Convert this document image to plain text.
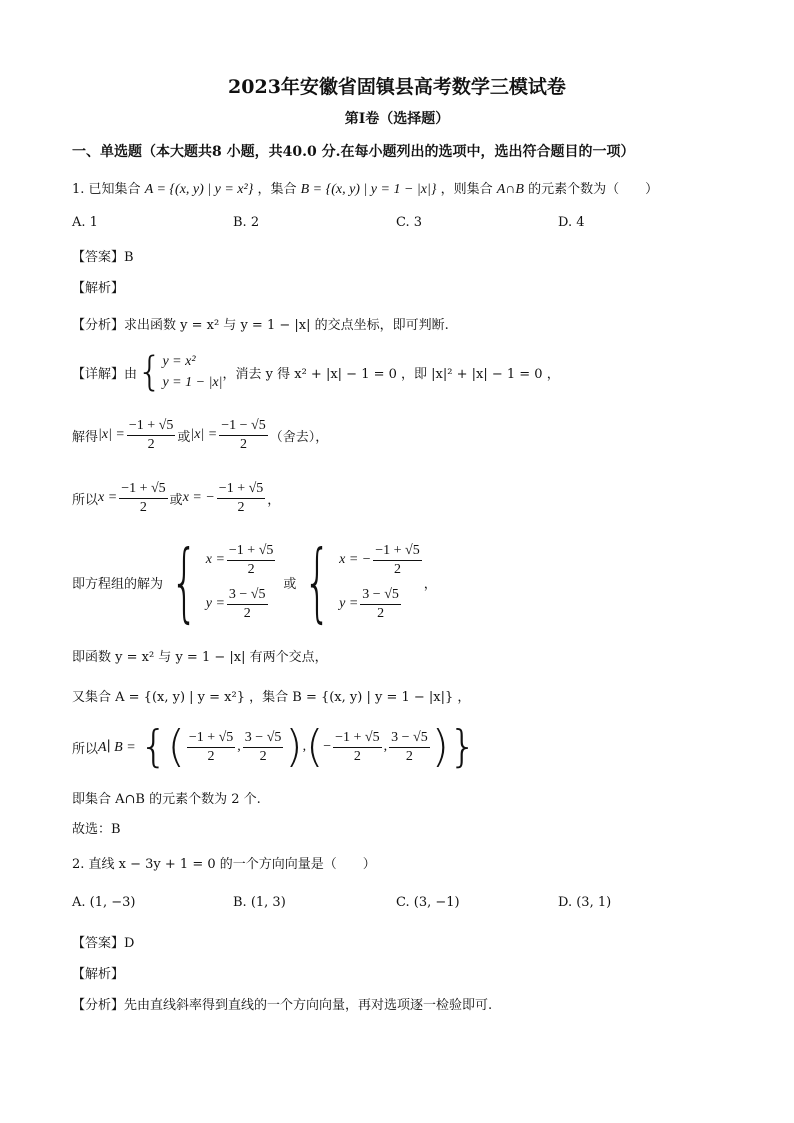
2023年安徽省固镇县高考数学三模试卷
第I卷（选择题）
一、单选题（本大题共8 小题，共40.0 分.在每小题列出的选项中，选出符合题目的一项）
1. 已知集合 A = {(x, y) | y = x²} ，集合 B = {(x, y) | y = 1 − |x|} ，则集合 A∩B 的元素个数为（　　）
A. 1	B. 2	C. 3	D. 4
【答案】B
【解析】
【分析】求出函数 y = x² 与 y = 1 − |x| 的交点坐标，即可判断.
【详解】由 { y = x²
y = 1 − |x|
，消去 y 得 x² + |x| − 1 = 0 ，即 |x|² + |x| − 1 = 0 ，
解得 $|x| = \frac{-1 + √5}{2}$ 或 $|x| = \frac{-1 - √5}{2}$ （舍去），
所以 $x = \frac{-1 + √5}{2}$ 或 x = − $\frac{-1 + √5}{2}$ ，
即方程组的解为 { $x = \frac{-1 + √5}{2}$
$y = \frac{3 - √5}{2}$
或 { x = − $\frac{-1 + √5}{2}$
$y = \frac{3 - √5}{2}$
，
即函数 y = x² 与 y = 1 − |x| 有两个交点，
又集合 A = {(x, y) | y = x²} ，集合 B = {(x, y) | y = 1 − |x|} ，
所以 A∣ B = { ( $\frac{-1 + √5}{2}$ , $\frac{3 - √5}{2}$ ) , ( − $\frac{-1 + √5}{2}$ , $\frac{3 - √5}{2}$ ) }
即集合 A∩B 的元素个数为 2 个.
故选：B
2. 直线 x − 3y + 1 = 0 的一个方向向量是（　　）
A. (1, −3)	B. (1, 3)	C. (3, −1)	D. (3, 1)
【答案】D
【解析】
【分析】先由直线斜率得到直线的一个方向向量，再对选项逐一检验即可.
